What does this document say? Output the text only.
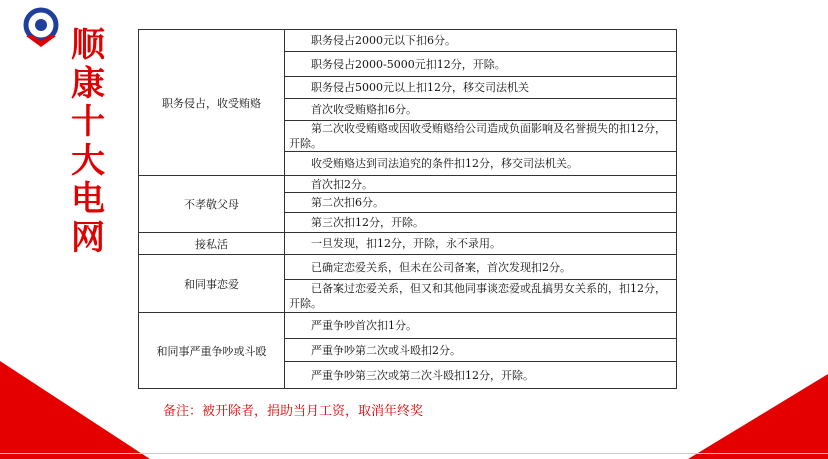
顺
康
十
大
电
网
职务侵占，收受贿赂	职务侵占2000元以下扣6分。
	职务侵占2000-5000元扣12分，开除。
	职务侵占5000元以上扣12分，移交司法机关
	首次收受贿赂扣6分。
	第二次收受贿赂或因收受贿赂给公司造成负面影响及名誉损失的扣12分，开除。
	收受贿赂达到司法追究的条件扣12分，移交司法机关。
不孝敬父母	首次扣2分。
	第二次扣6分。
	第三次扣12分，开除。
接私活	一旦发现，扣12分，开除，永不录用。
和同事恋爱	已确定恋爱关系，但未在公司备案，首次发现扣2分。
	已备案过恋爱关系，但又和其他同事谈恋爱或乱搞男女关系的，扣12分，开除。
和同事严重争吵或斗殴	严重争吵首次扣1分。
	严重争吵第二次或斗殴扣2分。
	严重争吵第三次或第二次斗殴扣12分，开除。
备注：被开除者，捐助当月工资，取消年终奖
